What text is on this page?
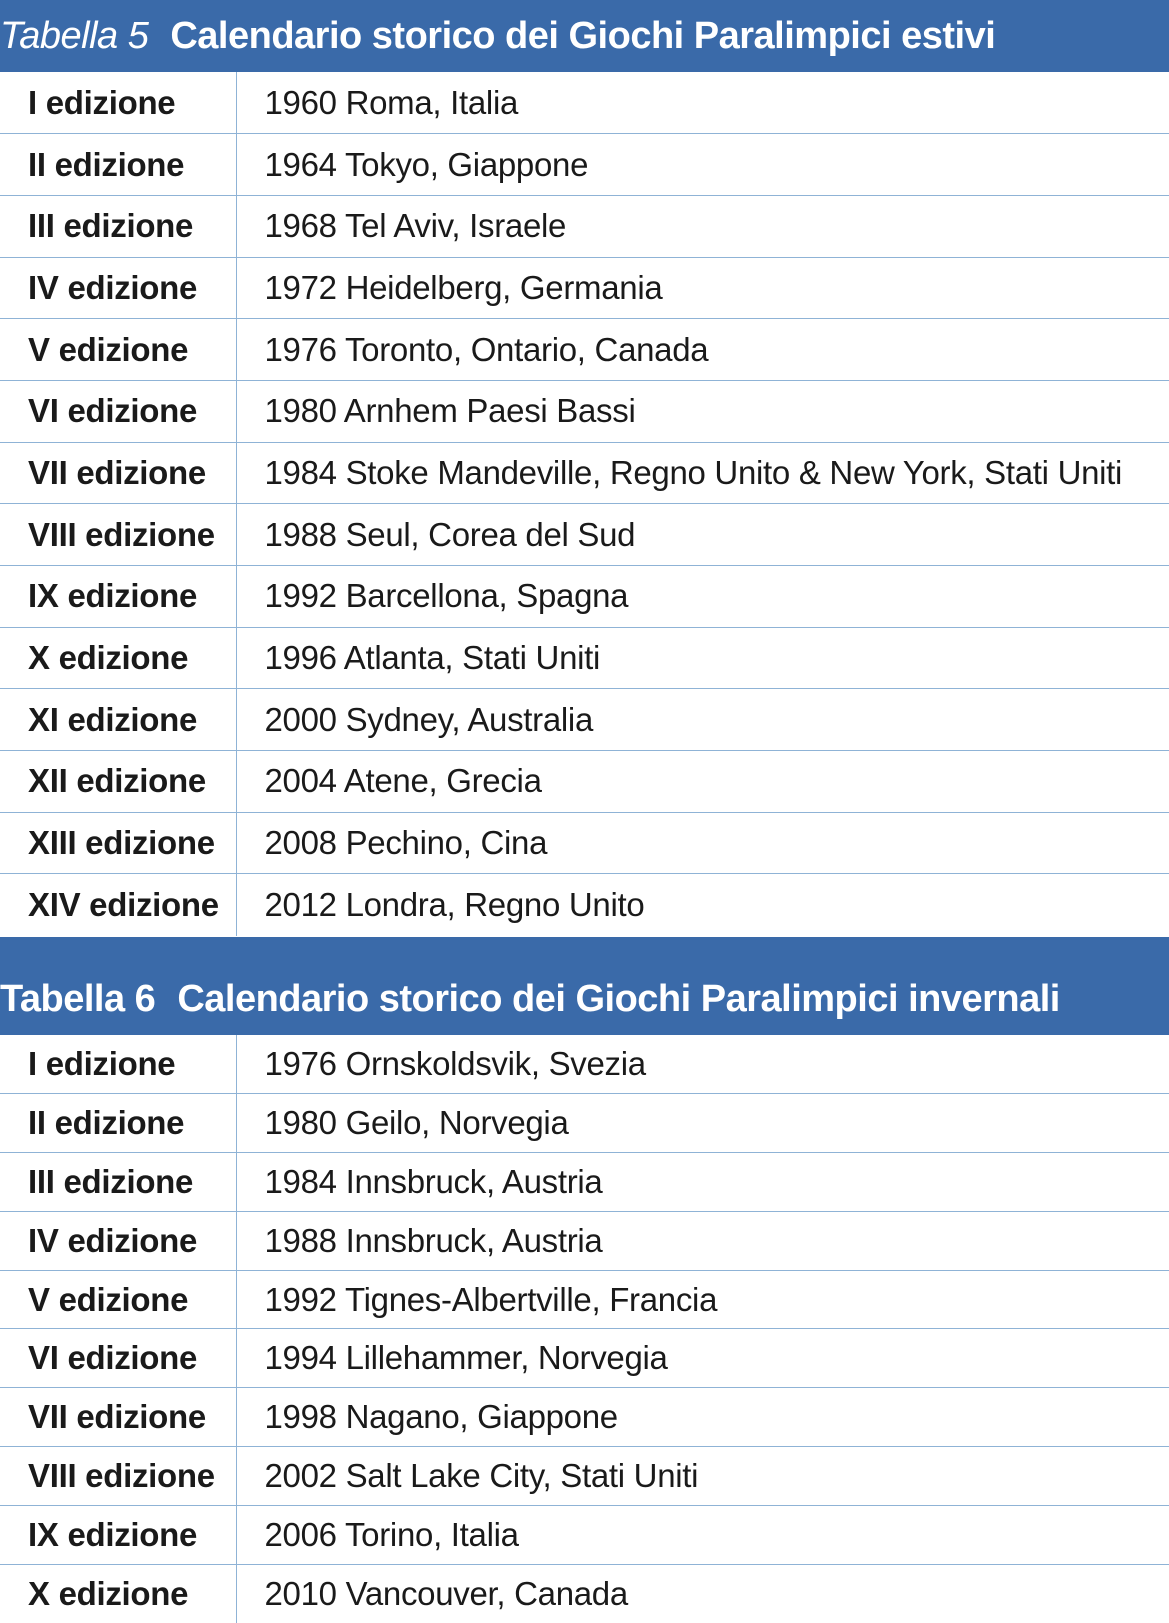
Tabella 5 Calendario storico dei Giochi Paralimpici estivi
I edizione	1960 Roma, Italia
II edizione	1964 Tokyo, Giappone
III edizione	1968 Tel Aviv, Israele
IV edizione	1972 Heidelberg, Germania
V edizione	1976 Toronto, Ontario, Canada
VI edizione	1980 Arnhem Paesi Bassi
VII edizione	1984 Stoke Mandeville, Regno Unito & New York, Stati Uniti
VIII edizione	1988 Seul, Corea del Sud
IX edizione	1992 Barcellona, Spagna
X edizione	1996 Atlanta, Stati Uniti
XI edizione	2000 Sydney, Australia
XII edizione	2004 Atene, Grecia
XIII edizione	2008 Pechino, Cina
XIV edizione	2012 Londra, Regno Unito
Tabella 6 Calendario storico dei Giochi Paralimpici invernali
I edizione	1976 Ornskoldsvik, Svezia
II edizione	1980 Geilo, Norvegia
III edizione	1984 Innsbruck, Austria
IV edizione	1988 Innsbruck, Austria
V edizione	1992 Tignes-Albertville, Francia
VI edizione	1994 Lillehammer, Norvegia
VII edizione	1998 Nagano, Giappone
VIII edizione	2002 Salt Lake City, Stati Uniti
IX edizione	2006 Torino, Italia
X edizione	2010 Vancouver, Canada
